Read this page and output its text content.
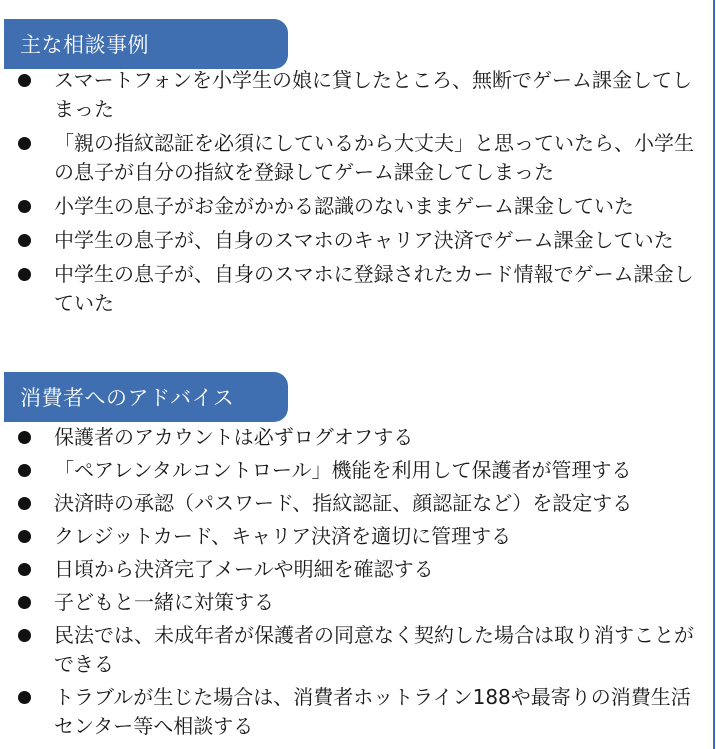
主な相談事例
スマートフォンを小学生の娘に貸したところ、無断でゲーム課金してしまった
「親の指紋認証を必須にしているから大丈夫」と思っていたら、小学生の息子が自分の指紋を登録してゲーム課金してしまった
小学生の息子がお金がかかる認識のないままゲーム課金していた
中学生の息子が、自身のスマホのキャリア決済でゲーム課金していた
中学生の息子が、自身のスマホに登録されたカード情報でゲーム課金していた
消費者へのアドバイス
保護者のアカウントは必ずログオフする
「ペアレンタルコントロール」機能を利用して保護者が管理する
決済時の承認（パスワード、指紋認証、顔認証など）を設定する
クレジットカード、キャリア決済を適切に管理する
日頃から決済完了メールや明細を確認する
子どもと一緒に対策する
民法では、未成年者が保護者の同意なく契約した場合は取り消すことができる
トラブルが生じた場合は、消費者ホットライン188や最寄りの消費生活センター等へ相談する
